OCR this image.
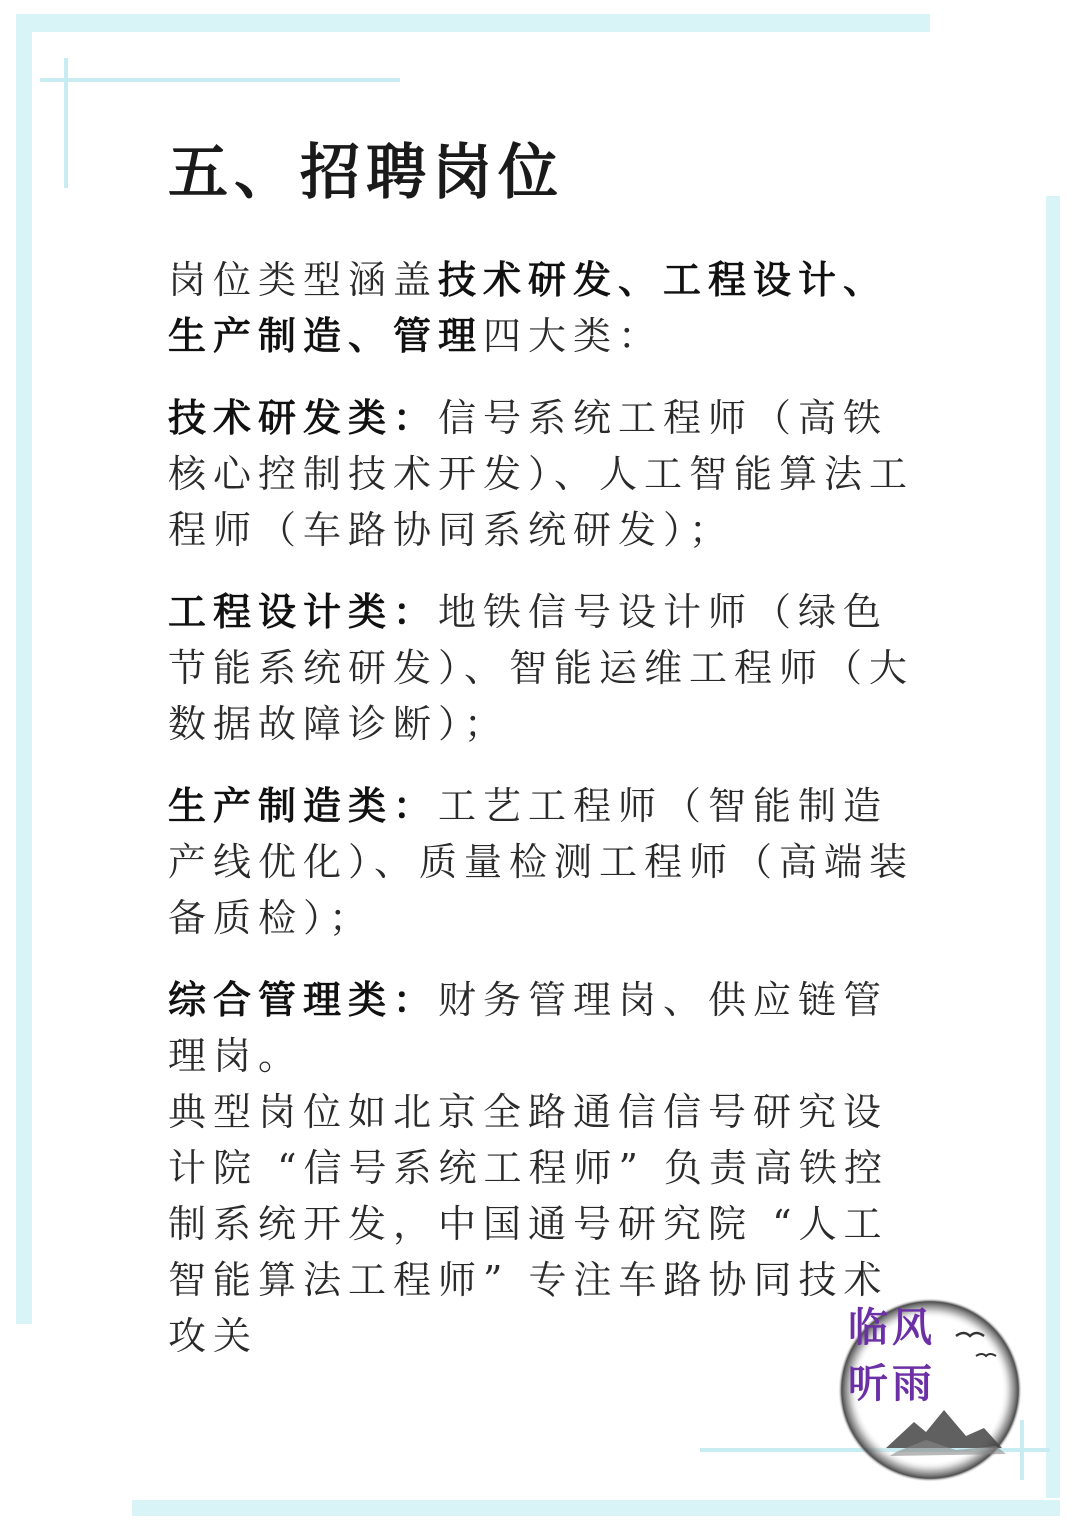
五、招聘岗位

岗位类型涵盖技术研发、工程设计、生产制造、管理四大类：

技术研发类：信号系统工程师（高铁核心控制技术开发）、人工智能算法工程师（车路协同系统研发）；

工程设计类：地铁信号设计师（绿色节能系统研发）、智能运维工程师（大数据故障诊断）；

生产制造类：工艺工程师（智能制造产线优化）、质量检测工程师（高端装备质检）；

综合管理类：财务管理岗、供应链管理岗。

典型岗位如北京全路通信信号研究设计院 “信号系统工程师” 负责高铁控制系统开发，中国通号研究院 “人工智能算法工程师” 专注车路协同技术攻关	临风
听雨
